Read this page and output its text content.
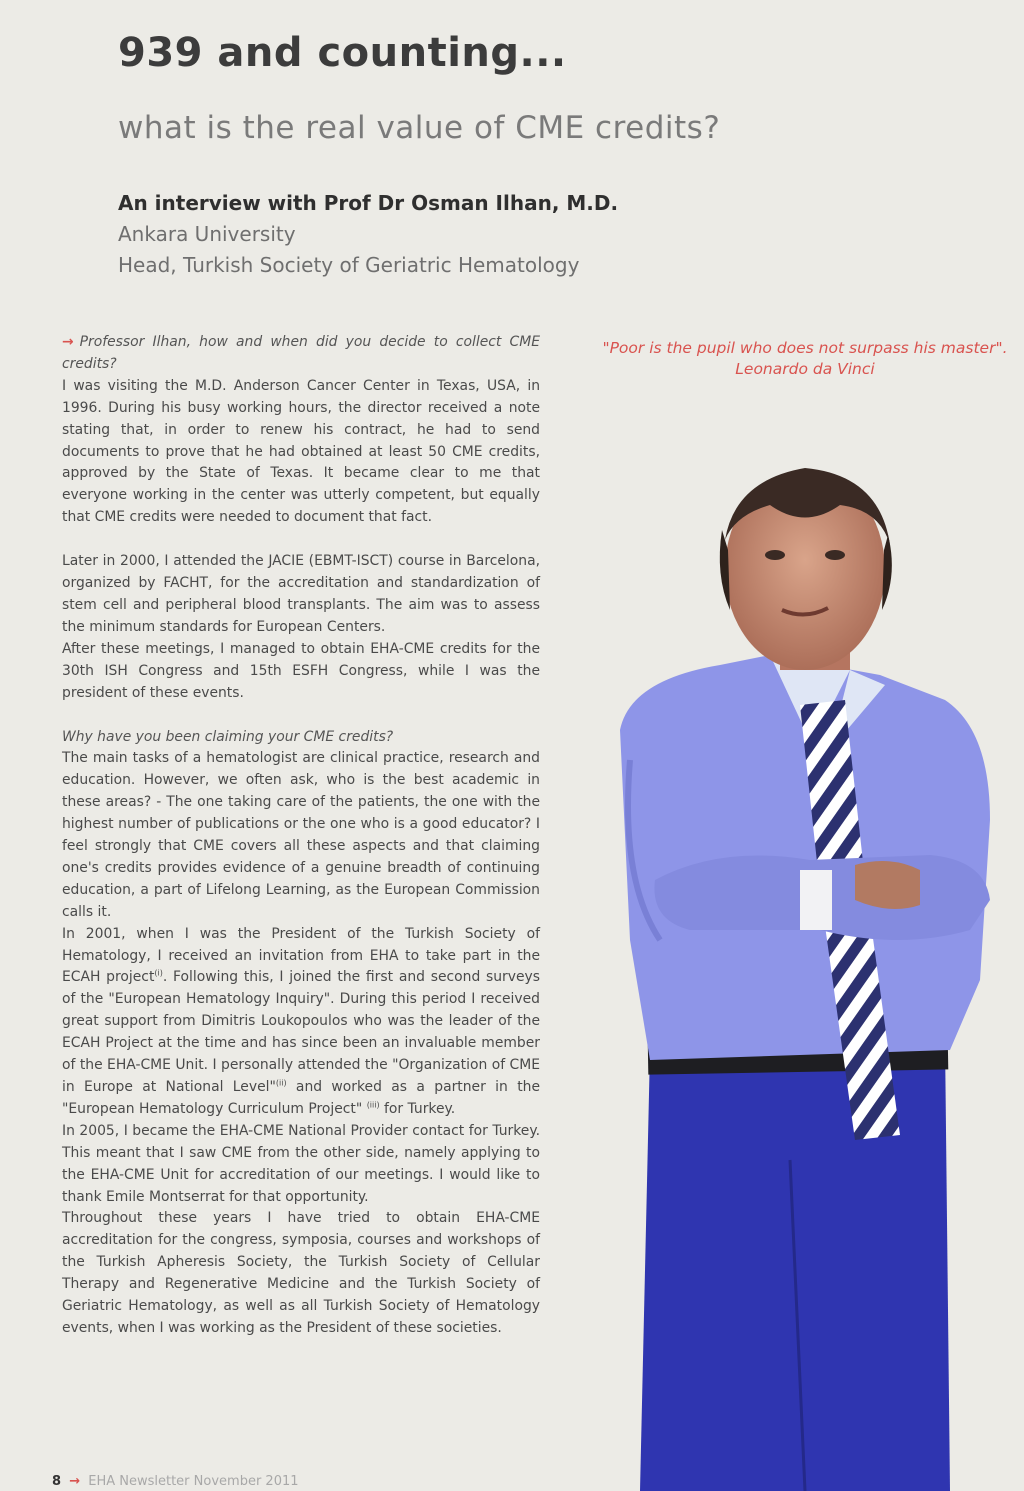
939 and counting...
what is the real value of CME credits?
An interview with Prof Dr Osman Ilhan, M.D.
Ankara University
Head, Turkish Society of Geriatric Hematology
"Poor is the pupil who does not surpass his master".
Leonardo da Vinci

→ Professor Ilhan, how and when did you decide to collect CME credits?

I was visiting the M.D. Anderson Cancer Center in Texas, USA, in 1996. During his busy working hours, the director received a note stating that, in order to renew his contract, he had to send documents to prove that he had obtained at least 50 CME credits, approved by the State of Texas. It became clear to me that everyone working in the center was utterly competent, but equally that CME credits were needed to document that fact.

Later in 2000, I attended the JACIE (EBMT-ISCT) course in Barcelona, organized by FACHT, for the accreditation and standardization of stem cell and peripheral blood transplants. The aim was to assess the minimum standards for European Centers.

After these meetings, I managed to obtain EHA-CME credits for the 30th ISH Congress and 15th ESFH Congress, while I was the president of these events.

Why have you been claiming your CME credits?

The main tasks of a hematologist are clinical practice, research and education. However, we often ask, who is the best academic in these areas? - The one taking care of the patients, the one with the highest number of publications or the one who is a good educator? I feel strongly that CME covers all these aspects and that claiming one's credits provides evidence of a genuine breadth of continuing education, a part of Lifelong Learning, as the European Commission calls it.

In 2001, when I was the President of the Turkish Society of Hematology, I received an invitation from EHA to take part in the ECAH project$^{(i)}$. Following this, I joined the first and second surveys of the "European Hematology Inquiry". During this period I received great support from Dimitris Loukopoulos who was the leader of the ECAH Project at the time and has since been an invaluable member of the EHA-CME Unit. I personally attended the "Organization of CME in Europe at National Level"$^{(ii)}$ and worked as a partner in the "European Hematology Curriculum Project" $^{(iii)}$ for Turkey.

In 2005, I became the EHA-CME National Provider contact for Turkey. This meant that I saw CME from the other side, namely applying to the EHA-CME Unit for accreditation of our meetings. I would like to thank Emile Montserrat for that opportunity.

Throughout these years I have tried to obtain EHA-CME accreditation for the congress, symposia, courses and workshops of the Turkish Apheresis Society, the Turkish Society of Cellular Therapy and Regenerative Medicine and the Turkish Society of Geriatric Hematology, as well as all Turkish Society of Hematology events, when I was working as the President of these societies.

8 → EHA Newsletter November 2011
